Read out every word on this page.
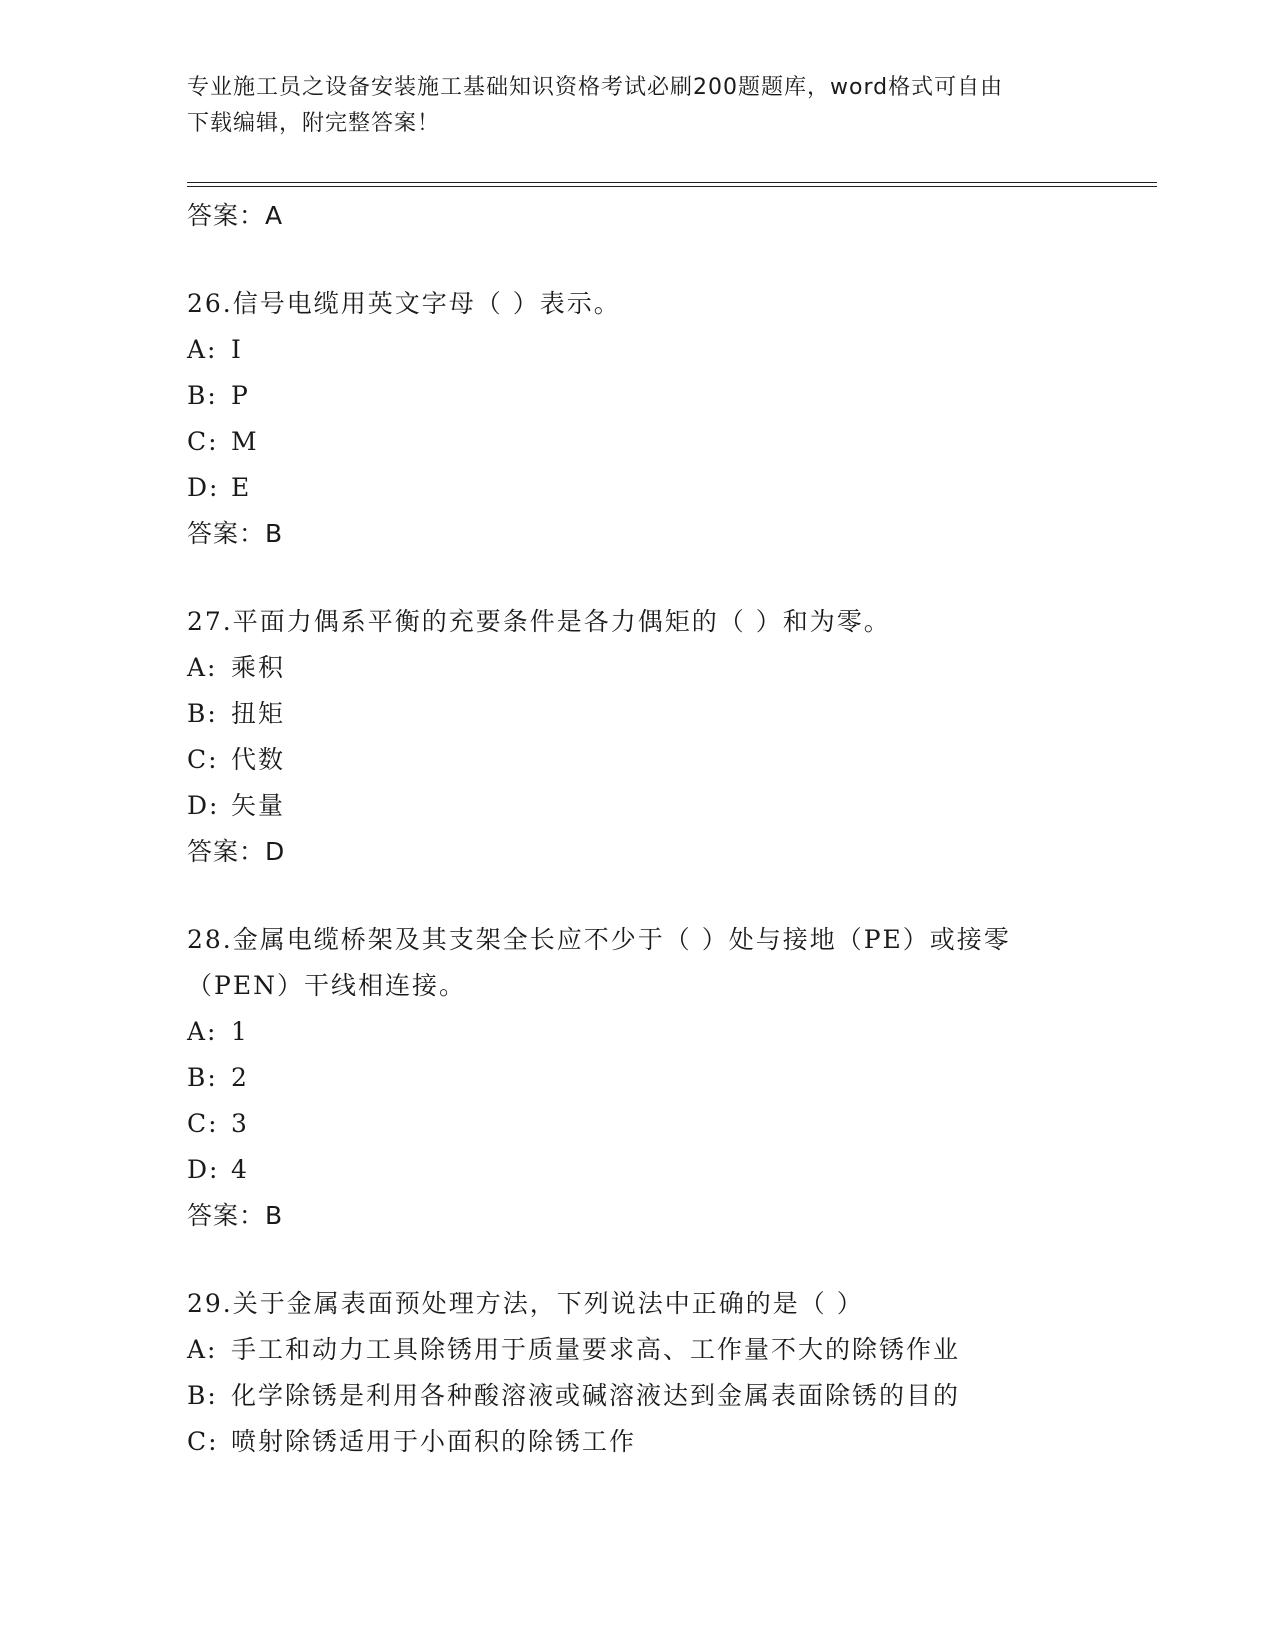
专业施工员之设备安装施工基础知识资格考试必刷200题题库，word格式可自由
下载编辑，附完整答案！

答案：A

26.信号电缆用英文字母（ ）表示。

A: I

B: P

C: M

D: E

答案：B

27.平面力偶系平衡的充要条件是各力偶矩的（ ）和为零。

A: 乘积

B: 扭矩

C: 代数

D: 矢量

答案：D

28.金属电缆桥架及其支架全长应不少于（ ）处与接地（PE）或接零

（PEN）干线相连接。

A: 1

B: 2

C: 3

D: 4

答案：B

29.关于金属表面预处理方法，下列说法中正确的是（ ）

A: 手工和动力工具除锈用于质量要求高、工作量不大的除锈作业

B: 化学除锈是利用各种酸溶液或碱溶液达到金属表面除锈的目的

C: 喷射除锈适用于小面积的除锈工作
